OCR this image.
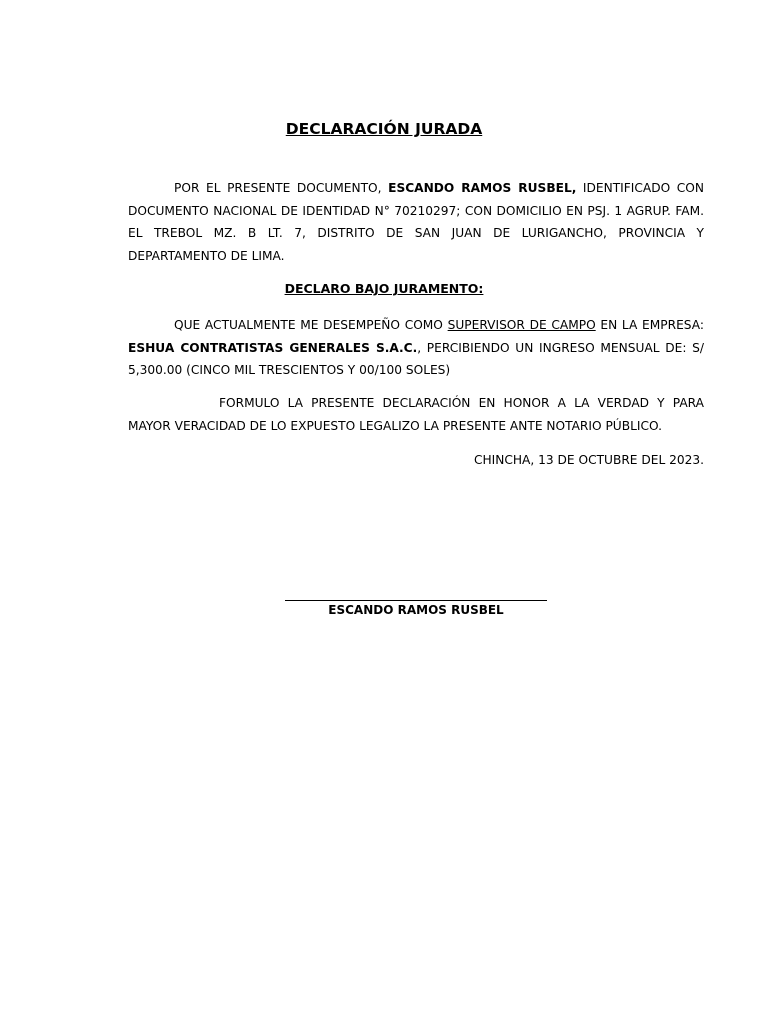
DECLARACIÓN JURADA

POR EL PRESENTE DOCUMENTO, ESCANDO RAMOS RUSBEL, IDENTIFICADO CON DOCUMENTO NACIONAL DE IDENTIDAD N° 70210297; CON DOMICILIO EN PSJ. 1 AGRUP. FAM. EL TREBOL MZ. B LT. 7, DISTRITO DE SAN JUAN DE LURIGANCHO, PROVINCIA Y DEPARTAMENTO DE LIMA.

DECLARO BAJO JURAMENTO:

QUE ACTUALMENTE ME DESEMPEÑO COMO SUPERVISOR DE CAMPO EN LA EMPRESA: ESHUA CONTRATISTAS GENERALES S.A.C., PERCIBIENDO UN INGRESO MENSUAL DE: S/ 5,300.00 (CINCO MIL TRESCIENTOS Y 00/100 SOLES)

FORMULO LA PRESENTE DECLARACIÓN EN HONOR A LA VERDAD Y PARA MAYOR VERACIDAD DE LO EXPUESTO LEGALIZO LA PRESENTE ANTE NOTARIO PÚBLICO.

CHINCHA, 13 DE OCTUBRE DEL 2023.

ESCANDO RAMOS RUSBEL
